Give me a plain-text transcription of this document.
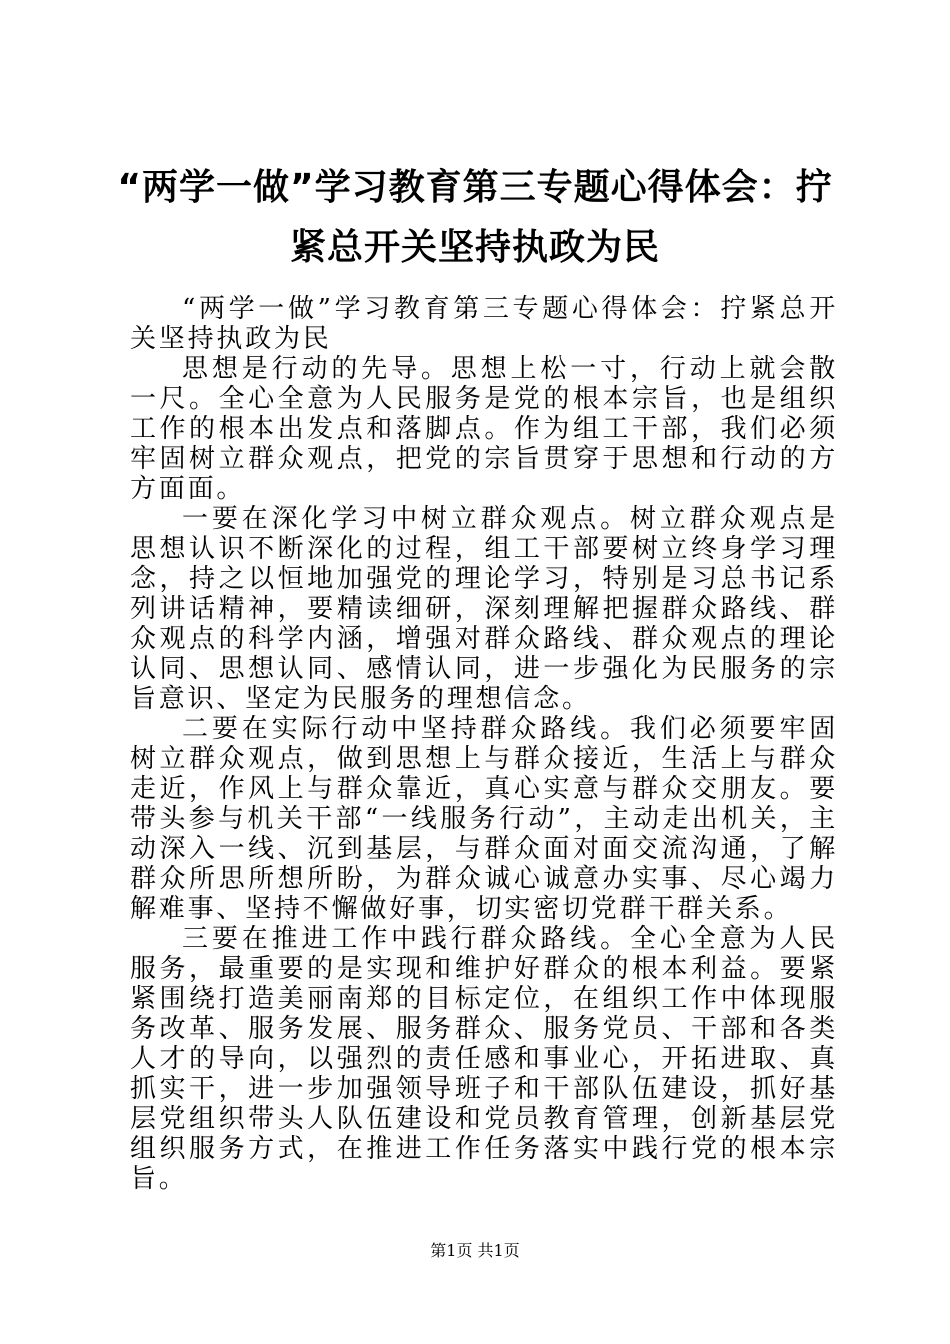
“两学一做”学习教育第三专题心得体会：拧紧总开关坚持执政为民

“两学一做”学习教育第三专题心得体会：拧紧总开关坚持执政为民

思想是行动的先导。思想上松一寸，行动上就会散一尺。全心全意为人民服务是党的根本宗旨，也是组织工作的根本出发点和落脚点。作为组工干部，我们必须牢固树立群众观点，把党的宗旨贯穿于思想和行动的方方面面。

一要在深化学习中树立群众观点。树立群众观点是思想认识不断深化的过程，组工干部要树立终身学习理念，持之以恒地加强党的理论学习，特别是习总书记系列讲话精神，要精读细研，深刻理解把握群众路线、群众观点的科学内涵，增强对群众路线、群众观点的理论认同、思想认同、感情认同，进一步强化为民服务的宗旨意识、坚定为民服务的理想信念。

二要在实际行动中坚持群众路线。我们必须要牢固树立群众观点，做到思想上与群众接近，生活上与群众走近，作风上与群众靠近，真心实意与群众交朋友。要带头参与机关干部“一线服务行动”，主动走出机关，主动深入一线、沉到基层，与群众面对面交流沟通，了解群众所思所想所盼，为群众诚心诚意办实事、尽心竭力解难事、坚持不懈做好事，切实密切党群干群关系。

三要在推进工作中践行群众路线。全心全意为人民服务，最重要的是实现和维护好群众的根本利益。要紧紧围绕打造美丽南郑的目标定位，在组织工作中体现服务改革、服务发展、服务群众、服务党员、干部和各类人才的导向，以强烈的责任感和事业心，开拓进取、真抓实干，进一步加强领导班子和干部队伍建设，抓好基层党组织带头人队伍建设和党员教育管理，创新基层党组织服务方式，在推进工作任务落实中践行党的根本宗旨。

第1页 共1页
